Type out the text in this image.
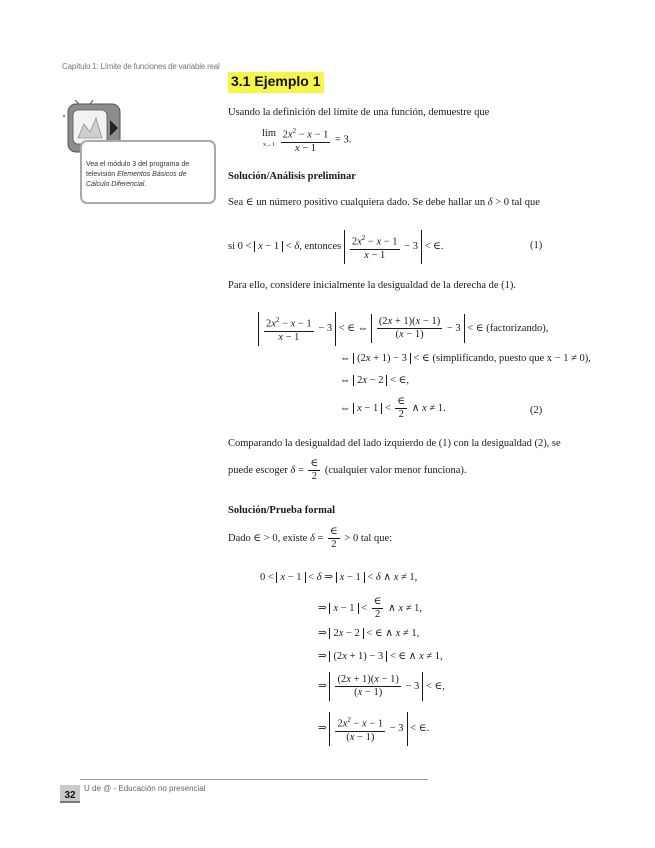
Capítulo 1: Límite de funciones de variable real
3.1 Ejemplo 1
Vea el módulo 3 del programa de
televisión Elementos Básicos de Cálculo Diferencial.
Usando la definición del límite de una función, demuestre que
lím
$x\to 1 \frac{2x^2 - x - 1}{x - 1} = 3$.
Solución/Análisis preliminar
Sea ∈ un número positivo cualquiera dado. Se debe hallar un δ > 0 tal que
si 0 < x − 1 < δ, entonces $\frac{2x^2 - x - 1}{x - 1} - 3$ < ∈.	(1)
Para ello, considere inicialmente la desigualdad de la derecha de (1).
$\frac{2x^2 - x - 1}{x - 1} - 3$ < ∈ ⇔ $\frac{(2x + 1)(x - 1)}{(x - 1)} - 3$ < ∈ (factorizando),
⇔ (2x + 1) − 3 < ∈ (simplificando, puesto que x − 1 ≠ 0),
⇔ 2x − 2 < ∈,
⇔ $x - 1 < \frac{\in}{2}$ ∧ x ≠ 1.	(2)
Comparando la desigualdad del lado izquierdo de (1) con la desigualdad (2), se
puede escoger $\delta = \frac{\in}{2}$ (cualquier valor menor funciona).
Solución/Prueba formal
Dado ∈ > 0, existe $\delta = \frac{\in}{2} > 0$ tal que:
0 < x − 1 < δ ⇒ x − 1 < δ ∧ x ≠ 1,
⇒ $x - 1 < \frac{\in}{2}$ ∧ x ≠ 1,
⇒ 2x − 2 < ∈ ∧ x ≠ 1,
⇒ (2x + 1) − 3 < ∈ ∧ x ≠ 1,
⇒ $\frac{(2x + 1)(x - 1)}{(x - 1)} - 3$ < ∈,
⇒ $\frac{2x^2 - x - 1}{(x - 1)} - 3$ < ∈.
32
U de @ - Educación no presencial
